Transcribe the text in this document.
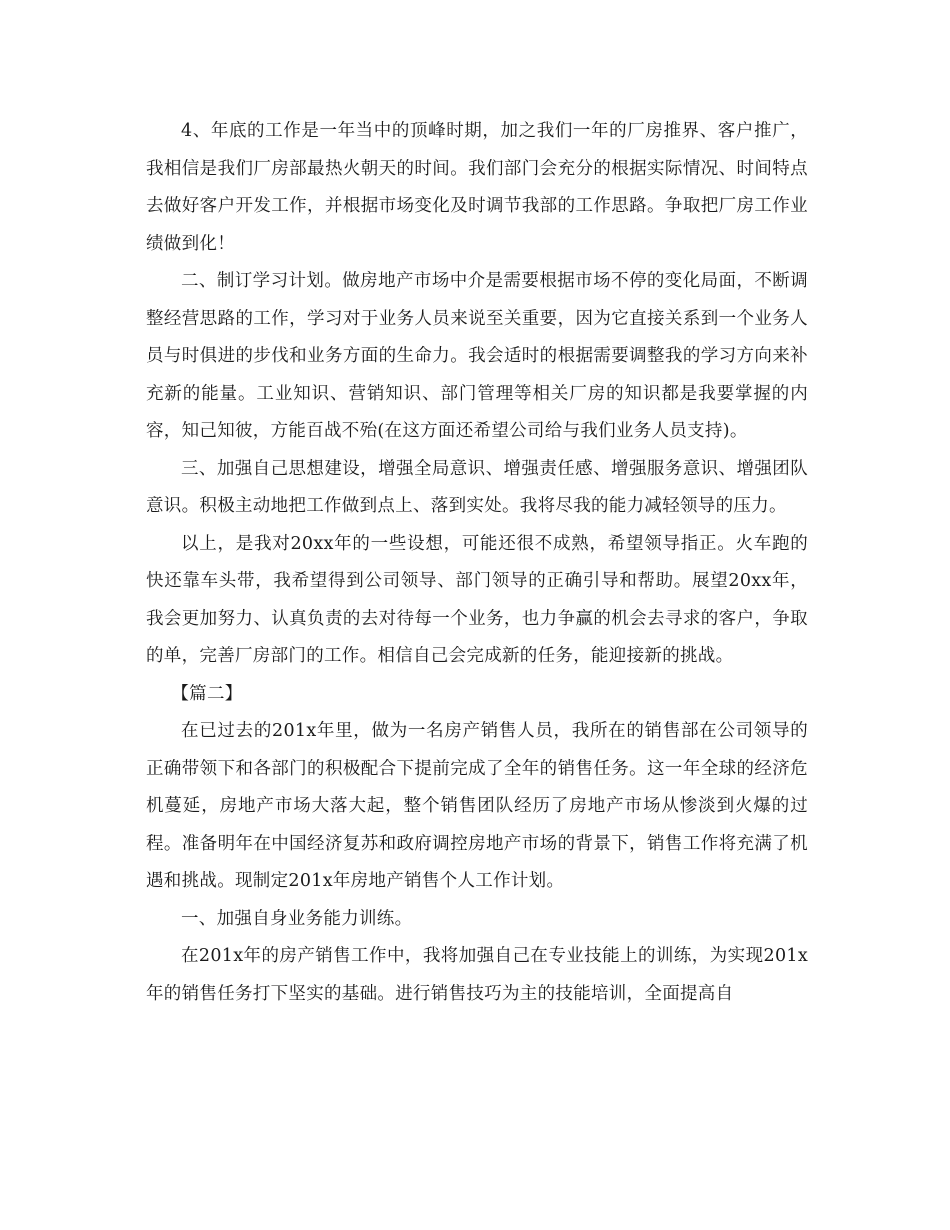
4、年底的工作是一年当中的顶峰时期，加之我们一年的厂房推界、客户推广，我相信是我们厂房部最热火朝天的时间。我们部门会充分的根据实际情况、时间特点去做好客户开发工作，并根据市场变化及时调节我部的工作思路。争取把厂房工作业绩做到化！

二、制订学习计划。做房地产市场中介是需要根据市场不停的变化局面，不断调整经营思路的工作，学习对于业务人员来说至关重要，因为它直接关系到一个业务人员与时俱进的步伐和业务方面的生命力。我会适时的根据需要调整我的学习方向来补充新的能量。工业知识、营销知识、部门管理等相关厂房的知识都是我要掌握的内容，知己知彼，方能百战不殆(在这方面还希望公司给与我们业务人员支持)。

三、加强自己思想建设，增强全局意识、增强责任感、增强服务意识、增强团队意识。积极主动地把工作做到点上、落到实处。我将尽我的能力减轻领导的压力。

以上，是我对20xx年的一些设想，可能还很不成熟，希望领导指正。火车跑的快还靠车头带，我希望得到公司领导、部门领导的正确引导和帮助。展望20xx年，我会更加努力、认真负责的去对待每一个业务，也力争赢的机会去寻求的客户，争取的单，完善厂房部门的工作。相信自己会完成新的任务，能迎接新的挑战。

【篇二】

在已过去的201x年里，做为一名房产销售人员，我所在的销售部在公司领导的正确带领下和各部门的积极配合下提前完成了全年的销售任务。这一年全球的经济危机蔓延，房地产市场大落大起，整个销售团队经历了房地产市场从惨淡到火爆的过程。准备明年在中国经济复苏和政府调控房地产市场的背景下，销售工作将充满了机遇和挑战。现制定201x年房地产销售个人工作计划。

一、加强自身业务能力训练。

在201x年的房产销售工作中，我将加强自己在专业技能上的训练，为实现201x年的销售任务打下坚实的基础。进行销售技巧为主的技能培训，全面提高自
